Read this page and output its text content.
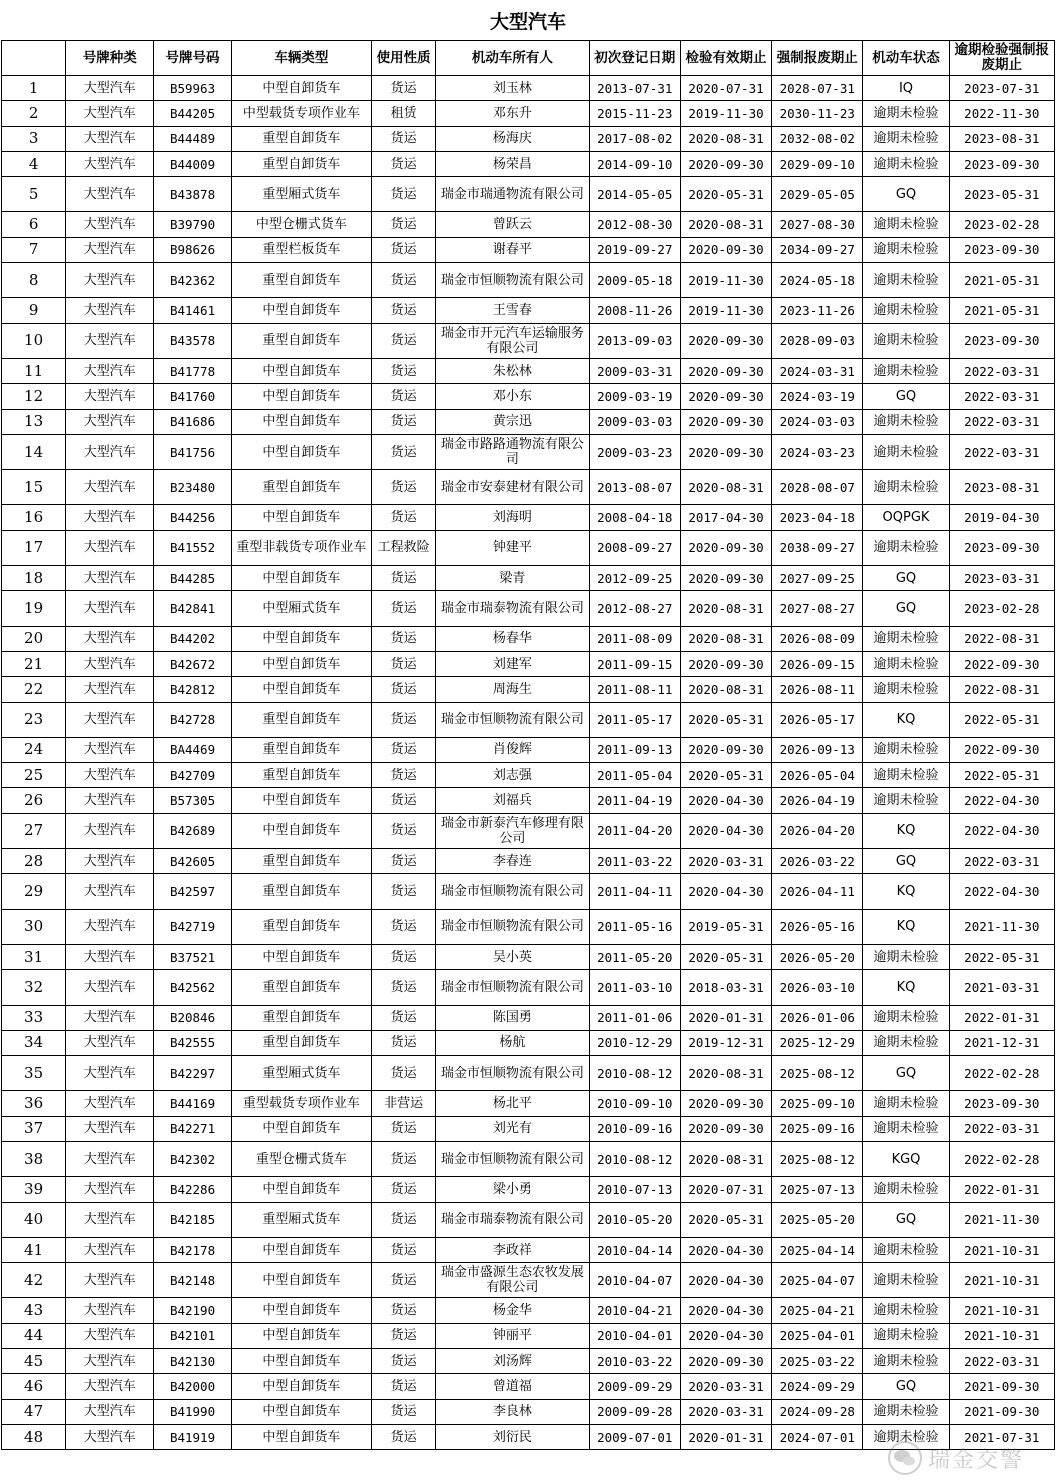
大型汽车
	号牌种类	号牌号码	车辆类型	使用性质	机动车所有人	初次登记日期	检验有效期止	强制报废期止	机动车状态	逾期检验强制报废期止
1	大型汽车	B59963	中型自卸货车	货运	刘玉林	2013-07-31	2020-07-31	2028-07-31	IQ	2023-07-31
2	大型汽车	B44205	中型载货专项作业车	租赁	邓东升	2015-11-23	2019-11-30	2030-11-23	逾期未检验	2022-11-30
3	大型汽车	B44489	重型自卸货车	货运	杨海庆	2017-08-02	2020-08-31	2032-08-02	逾期未检验	2023-08-31
4	大型汽车	B44009	重型自卸货车	货运	杨荣昌	2014-09-10	2020-09-30	2029-09-10	逾期未检验	2023-09-30
5	大型汽车	B43878	重型厢式货车	货运	瑞金市瑞通物流有限公司	2014-05-05	2020-05-31	2029-05-05	GQ	2023-05-31
6	大型汽车	B39790	中型仓栅式货车	货运	曾跃云	2012-08-30	2020-08-31	2027-08-30	逾期未检验	2023-02-28
7	大型汽车	B98626	重型栏板货车	货运	谢春平	2019-09-27	2020-09-30	2034-09-27	逾期未检验	2023-09-30
8	大型汽车	B42362	重型自卸货车	货运	瑞金市恒顺物流有限公司	2009-05-18	2019-11-30	2024-05-18	逾期未检验	2021-05-31
9	大型汽车	B41461	中型自卸货车	货运	王雪春	2008-11-26	2019-11-30	2023-11-26	逾期未检验	2021-05-31
10	大型汽车	B43578	重型自卸货车	货运	瑞金市开元汽车运输服务有限公司	2013-09-03	2020-09-30	2028-09-03	逾期未检验	2023-09-30
11	大型汽车	B41778	中型自卸货车	货运	朱松林	2009-03-31	2020-09-30	2024-03-31	逾期未检验	2022-03-31
12	大型汽车	B41760	中型自卸货车	货运	邓小东	2009-03-19	2020-09-30	2024-03-19	GQ	2022-03-31
13	大型汽车	B41686	中型自卸货车	货运	黄宗迅	2009-03-03	2020-09-30	2024-03-03	逾期未检验	2022-03-31
14	大型汽车	B41756	中型自卸货车	货运	瑞金市路路通物流有限公司	2009-03-23	2020-09-30	2024-03-23	逾期未检验	2022-03-31
15	大型汽车	B23480	重型自卸货车	货运	瑞金市安泰建材有限公司	2013-08-07	2020-08-31	2028-08-07	逾期未检验	2023-08-31
16	大型汽车	B44256	中型自卸货车	货运	刘海明	2008-04-18	2017-04-30	2023-04-18	OQPGK	2019-04-30
17	大型汽车	B41552	重型非载货专项作业车	工程救险	钟建平	2008-09-27	2020-09-30	2038-09-27	逾期未检验	2023-09-30
18	大型汽车	B44285	中型自卸货车	货运	梁青	2012-09-25	2020-09-30	2027-09-25	GQ	2023-03-31
19	大型汽车	B42841	中型厢式货车	货运	瑞金市瑞泰物流有限公司	2012-08-27	2020-08-31	2027-08-27	GQ	2023-02-28
20	大型汽车	B44202	中型自卸货车	货运	杨春华	2011-08-09	2020-08-31	2026-08-09	逾期未检验	2022-08-31
21	大型汽车	B42672	中型自卸货车	货运	刘建军	2011-09-15	2020-09-30	2026-09-15	逾期未检验	2022-09-30
22	大型汽车	B42812	中型自卸货车	货运	周海生	2011-08-11	2020-08-31	2026-08-11	逾期未检验	2022-08-31
23	大型汽车	B42728	重型自卸货车	货运	瑞金市恒顺物流有限公司	2011-05-17	2020-05-31	2026-05-17	KQ	2022-05-31
24	大型汽车	BA4469	重型自卸货车	货运	肖俊辉	2011-09-13	2020-09-30	2026-09-13	逾期未检验	2022-09-30
25	大型汽车	B42709	重型自卸货车	货运	刘志强	2011-05-04	2020-05-31	2026-05-04	逾期未检验	2022-05-31
26	大型汽车	B57305	中型自卸货车	货运	刘福兵	2011-04-19	2020-04-30	2026-04-19	逾期未检验	2022-04-30
27	大型汽车	B42689	中型自卸货车	货运	瑞金市新泰汽车修理有限公司	2011-04-20	2020-04-30	2026-04-20	KQ	2022-04-30
28	大型汽车	B42605	重型自卸货车	货运	李春连	2011-03-22	2020-03-31	2026-03-22	GQ	2022-03-31
29	大型汽车	B42597	重型自卸货车	货运	瑞金市恒顺物流有限公司	2011-04-11	2020-04-30	2026-04-11	KQ	2022-04-30
30	大型汽车	B42719	重型自卸货车	货运	瑞金市恒顺物流有限公司	2011-05-16	2019-05-31	2026-05-16	KQ	2021-11-30
31	大型汽车	B37521	中型自卸货车	货运	吴小英	2011-05-20	2020-05-31	2026-05-20	逾期未检验	2022-05-31
32	大型汽车	B42562	重型自卸货车	货运	瑞金市恒顺物流有限公司	2011-03-10	2018-03-31	2026-03-10	KQ	2021-03-31
33	大型汽车	B20846	重型自卸货车	货运	陈国勇	2011-01-06	2020-01-31	2026-01-06	逾期未检验	2022-01-31
34	大型汽车	B42555	重型自卸货车	货运	杨航	2010-12-29	2019-12-31	2025-12-29	逾期未检验	2021-12-31
35	大型汽车	B42297	重型厢式货车	货运	瑞金市恒顺物流有限公司	2010-08-12	2020-08-31	2025-08-12	GQ	2022-02-28
36	大型汽车	B44169	重型载货专项作业车	非营运	杨北平	2010-09-10	2020-09-30	2025-09-10	逾期未检验	2023-09-30
37	大型汽车	B42271	中型自卸货车	货运	刘光有	2010-09-16	2020-09-30	2025-09-16	逾期未检验	2022-03-31
38	大型汽车	B42302	重型仓栅式货车	货运	瑞金市恒顺物流有限公司	2010-08-12	2020-08-31	2025-08-12	KGQ	2022-02-28
39	大型汽车	B42286	中型自卸货车	货运	梁小勇	2010-07-13	2020-07-31	2025-07-13	逾期未检验	2022-01-31
40	大型汽车	B42185	重型厢式货车	货运	瑞金市瑞泰物流有限公司	2010-05-20	2020-05-31	2025-05-20	GQ	2021-11-30
41	大型汽车	B42178	中型自卸货车	货运	李政祥	2010-04-14	2020-04-30	2025-04-14	逾期未检验	2021-10-31
42	大型汽车	B42148	中型自卸货车	货运	瑞金市盛源生态农牧发展有限公司	2010-04-07	2020-04-30	2025-04-07	逾期未检验	2021-10-31
43	大型汽车	B42190	中型自卸货车	货运	杨金华	2010-04-21	2020-04-30	2025-04-21	逾期未检验	2021-10-31
44	大型汽车	B42101	中型自卸货车	货运	钟丽平	2010-04-01	2020-04-30	2025-04-01	逾期未检验	2021-10-31
45	大型汽车	B42130	中型自卸货车	货运	刘汤辉	2010-03-22	2020-09-30	2025-03-22	逾期未检验	2022-03-31
46	大型汽车	B42000	中型自卸货车	货运	曾道福	2009-09-29	2020-03-31	2024-09-29	GQ	2021-09-30
47	大型汽车	B41990	中型自卸货车	货运	李良林	2009-09-28	2020-03-31	2024-09-28	逾期未检验	2021-09-30
48	大型汽车	B41919	中型自卸货车	货运	刘衍民	2009-07-01	2020-01-31	2024-07-01	逾期未检验	2021-07-31
瑞金交警
